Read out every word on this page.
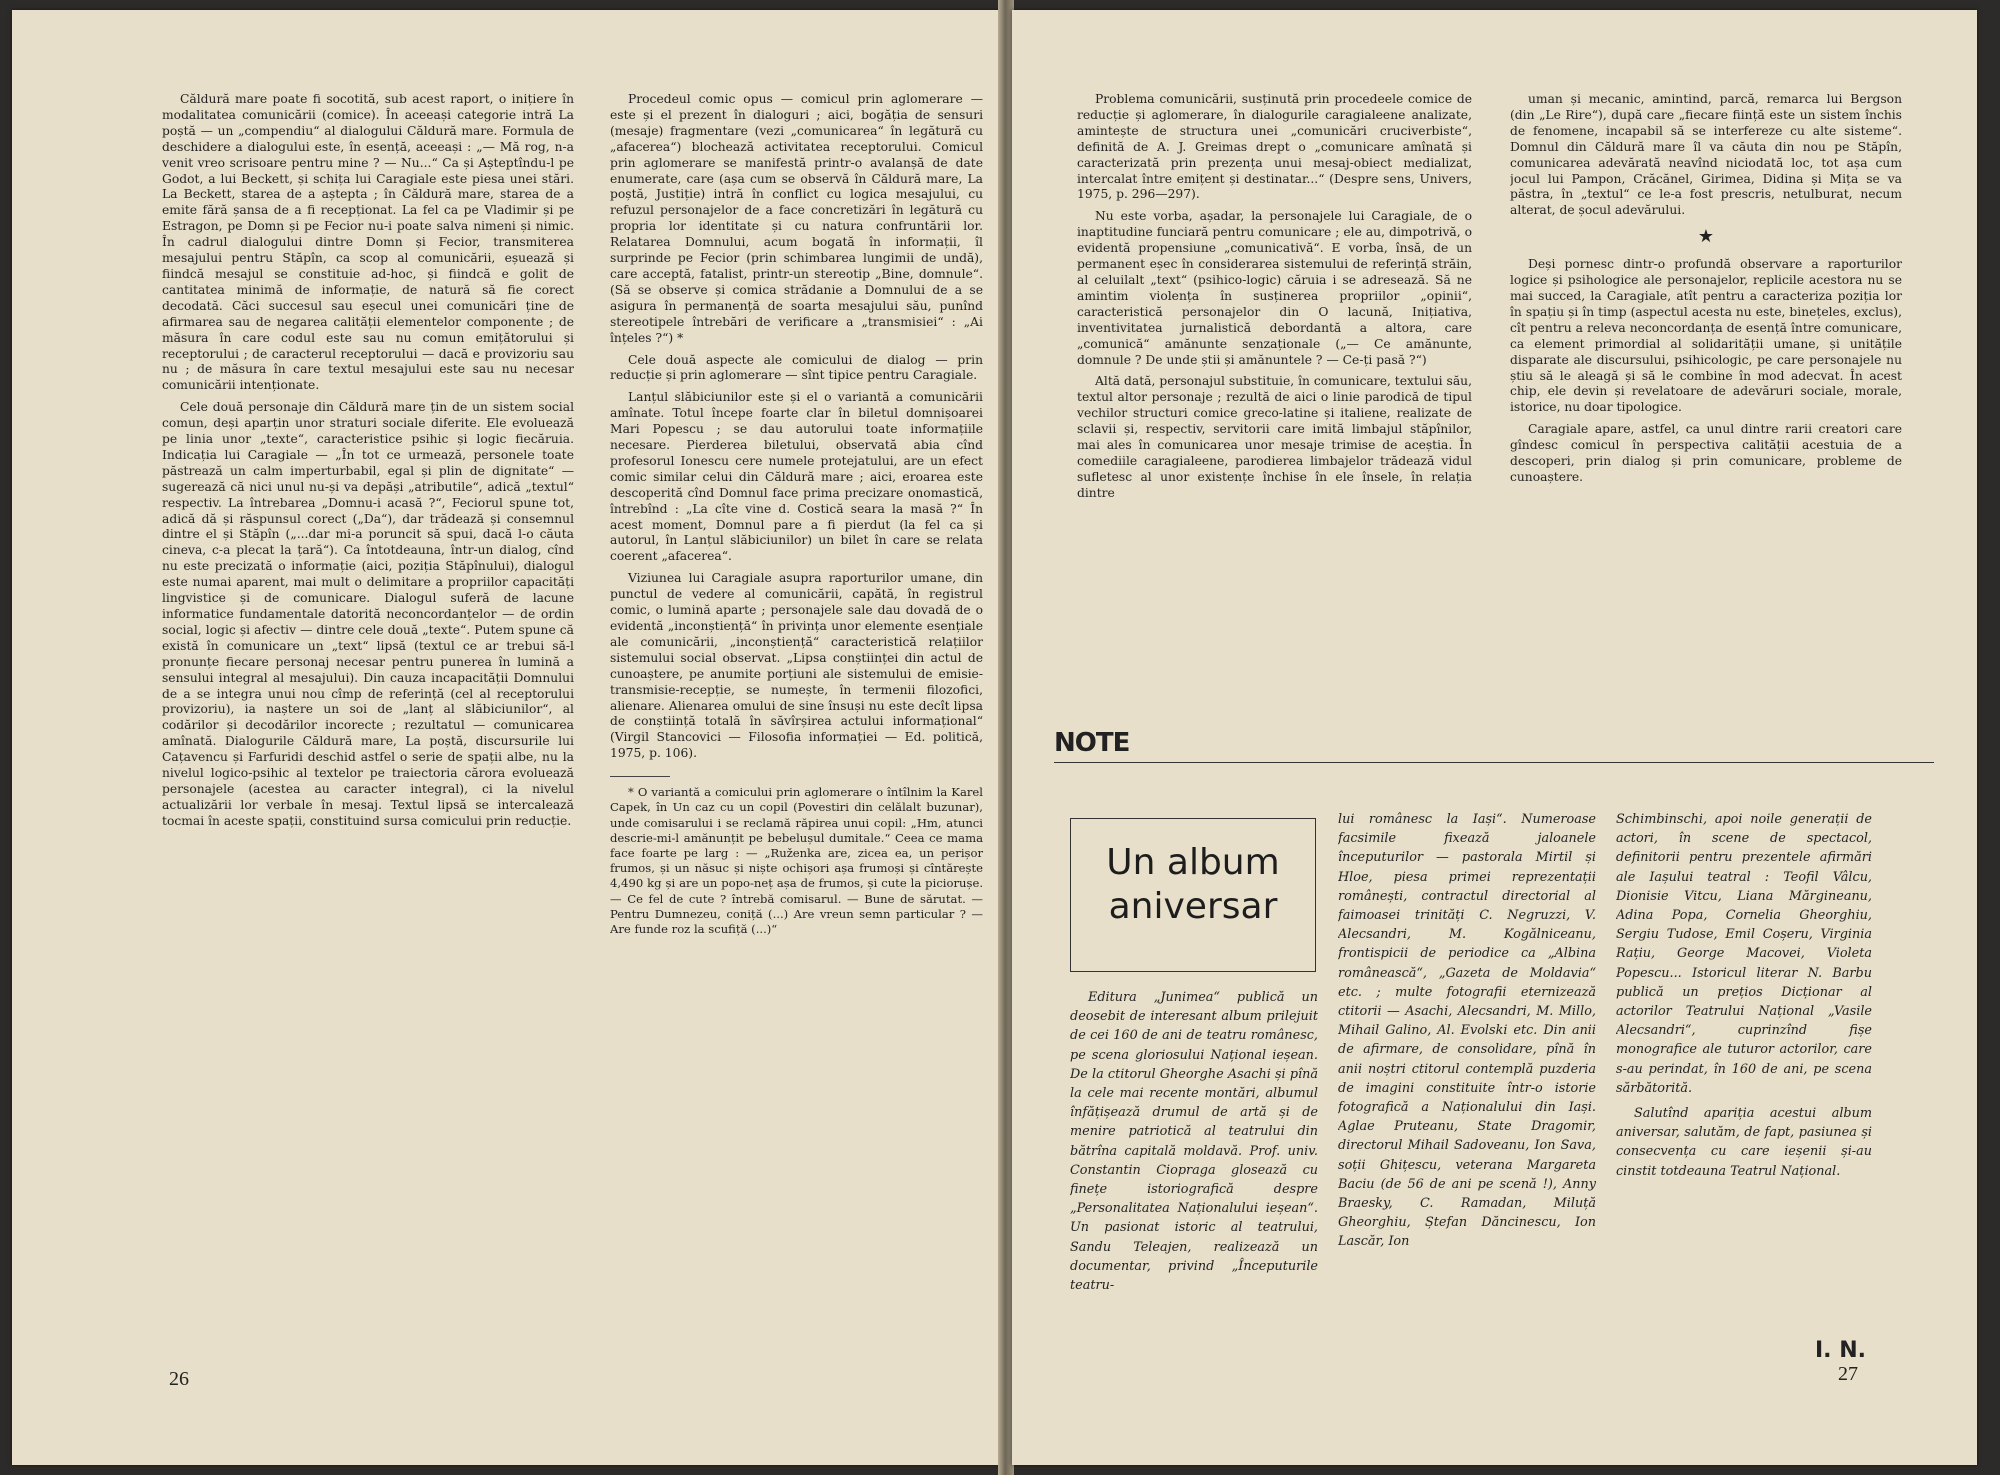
Căldură mare poate fi socotită, sub acest raport, o inițiere în modalitatea comunicării (comice). În aceeași categorie intră La poștă — un „compendiu“ al dialogului Căldură mare. Formula de deschidere a dialogului este, în esență, aceeași : „— Mă rog, n-a venit vreo scrisoare pentru mine ? — Nu...“ Ca și Așteptîndu-l pe Godot, a lui Beckett, și schița lui Caragiale este piesa unei stări. La Beckett, starea de a aștepta ; în Căldură mare, starea de a emite fără șansa de a fi recepționat. La fel ca pe Vladimir și pe Estragon, pe Domn și pe Fecior nu-i poate salva nimeni și nimic. În cadrul dialogului dintre Domn și Fecior, transmiterea mesajului pentru Stăpîn, ca scop al comunicării, eșuează și fiindcă mesajul se constituie ad-hoc, și fiindcă e golit de cantitatea minimă de informație, de natură să fie corect decodată. Căci succesul sau eșecul unei comunicări ține de afirmarea sau de negarea calității elementelor componente ; de măsura în care codul este sau nu comun emițătorului și receptorului ; de caracterul receptorului — dacă e provizoriu sau nu ; de măsura în care textul mesajului este sau nu necesar comunicării intenționate.

Cele două personaje din Căldură mare țin de un sistem social comun, deși aparțin unor straturi sociale diferite. Ele evoluează pe linia unor „texte“, caracteristice psihic și logic fiecăruia. Indicația lui Caragiale — „În tot ce urmează, personele toate păstrează un calm imperturbabil, egal și plin de dignitate“ — sugerează că nici unul nu-și va depăși „atributile“, adică „textul“ respectiv. La întrebarea „Domnu-i acasă ?“, Feciorul spune tot, adică dă și răspunsul corect („Da“), dar trădează și consemnul dintre el și Stăpîn („...dar mi-a poruncit să spui, dacă l-o căuta cineva, c-a plecat la țară“). Ca întotdeauna, într-un dialog, cînd nu este precizată o informație (aici, poziția Stăpînului), dialogul este numai aparent, mai mult o delimitare a propriilor capacități lingvistice și de comunicare. Dialogul suferă de lacune informatice fundamentale datorită neconcordanțelor — de ordin social, logic și afectiv — dintre cele două „texte“. Putem spune că există în comunicare un „text“ lipsă (textul ce ar trebui să-l pronunțe fiecare personaj necesar pentru punerea în lumină a sensului integral al mesajului). Din cauza incapacității Domnului de a se integra unui nou cîmp de referință (cel al receptorului provizoriu), ia naștere un soi de „lanț al slăbiciunilor“, al codărilor și decodărilor incorecte ; rezultatul — comunicarea amînată. Dialogurile Căldură mare, La poștă, discursurile lui Cațavencu și Farfuridi deschid astfel o serie de spații albe, nu la nivelul logico-psihic al textelor pe traiectoria cărora evoluează personajele (acestea au caracter integral), ci la nivelul actualizării lor verbale în mesaj. Textul lipsă se intercalează tocmai în aceste spații, constituind sursa comicului prin reducție.

Procedeul comic opus — comicul prin aglomerare — este și el prezent în dialoguri ; aici, bogăția de sensuri (mesaje) fragmentare (vezi „comunicarea“ în legătură cu „afacerea“) blochează activitatea receptorului. Comicul prin aglomerare se manifestă printr-o avalanșă de date enumerate, care (așa cum se observă în Căldură mare, La poștă, Justiție) intră în conflict cu logica mesajului, cu refuzul personajelor de a face concretizări în legătură cu propria lor identitate și cu natura confruntării lor. Relatarea Domnului, acum bogată în informații, îl surprinde pe Fecior (prin schimbarea lungimii de undă), care acceptă, fatalist, printr-un stereotip „Bine, domnule“. (Să se observe și comica strădanie a Domnului de a se asigura în permanență de soarta mesajului său, punînd stereotipele întrebări de verificare a „transmisiei“ : „Ai înțeles ?“) *

Cele două aspecte ale comicului de dialog — prin reducție și prin aglomerare — sînt tipice pentru Caragiale.

Lanțul slăbiciunilor este și el o variantă a comunicării amînate. Totul începe foarte clar în biletul domnișoarei Mari Popescu ; se dau autorului toate informațiile necesare. Pierderea biletului, observată abia cînd profesorul Ionescu cere numele protejatului, are un efect comic similar celui din Căldură mare ; aici, eroarea este descoperită cînd Domnul face prima precizare onomastică, întrebînd : „La cîte vine d. Costică seara la masă ?“ În acest moment, Domnul pare a fi pierdut (la fel ca și autorul, în Lanțul slăbiciunilor) un bilet în care se relata coerent „afacerea“.

Viziunea lui Caragiale asupra raporturilor umane, din punctul de vedere al comunicării, capătă, în registrul comic, o lumină aparte ; personajele sale dau dovadă de o evidentă „inconștiență“ în privința unor elemente esențiale ale comunicării, „inconștiență“ caracteristică relațiilor sistemului social observat. „Lipsa conștiinței din actul de cunoaștere, pe anumite porțiuni ale sistemului de emisie-transmisie-recepție, se numește, în termenii filozofici, alienare. Alienarea omului de sine însuși nu este decît lipsa de conștiință totală în săvîrșirea actului informațional“ (Virgil Stancovici — Filosofia informației — Ed. politică, 1975, p. 106).

* O variantă a comicului prin aglomerare o întîlnim la Karel Capek, în Un caz cu un copil (Povestiri din celălalt buzunar), unde comisarului i se reclamă răpirea unui copil: „Hm, atunci descrie-mi-l amănunțit pe bebelușul dumitale.“ Ceea ce mama face foarte pe larg : — „Ruženka are, zicea ea, un perișor frumos, și un năsuc și niște ochișori așa frumoși și cîntărește 4,490 kg și are un popo-neț așa de frumos, și cute la piciorușe. — Ce fel de cute ? întrebă comisarul. — Bune de sărutat. — Pentru Dumnezeu, coniță (...) Are vreun semn particular ? — Are funde roz la scufiță (...)“

26

Problema comunicării, susținută prin procedeele comice de reducție și aglomerare, în dialogurile caragialeene analizate, amintește de structura unei „comunicări cruciverbiste“, definită de A. J. Greimas drept o „comunicare amînată și caracterizată prin prezența unui mesaj-obiect medializat, intercalat între emițent și destinatar...“ (Despre sens, Univers, 1975, p. 296—297).

Nu este vorba, așadar, la personajele lui Caragiale, de o inaptitudine funciară pentru comunicare ; ele au, dimpotrivă, o evidentă propensiune „comunicativă“. E vorba, însă, de un permanent eșec în considerarea sistemului de referință străin, al celuilalt „text“ (psihico-logic) căruia i se adresează. Să ne amintim violența în susținerea propriilor „opinii“, caracteristică personajelor din O lacună, Inițiativa, inventivitatea jurnalistică debordantă a altora, care „comunică“ amănunte senzaționale („— Ce amănunte, domnule ? De unde știi și amănuntele ? — Ce-ți pasă ?“)

Altă dată, personajul substituie, în comunicare, textului său, textul altor personaje ; rezultă de aici o linie parodică de tipul vechilor structuri comice greco-latine și italiene, realizate de sclavii și, respectiv, servitorii care imită limbajul stăpînilor, mai ales în comunicarea unor mesaje trimise de aceștia. În comediile caragialeene, parodierea limbajelor trădează vidul sufletesc al unor existențe închise în ele însele, în relația dintre

uman și mecanic, amintind, parcă, remarca lui Bergson (din „Le Rire“), după care „fiecare ființă este un sistem închis de fenomene, incapabil să se interfereze cu alte sisteme“. Domnul din Căldură mare îl va căuta din nou pe Stăpîn, comunicarea adevărată neavînd niciodată loc, tot așa cum jocul lui Pampon, Crăcănel, Girimea, Didina și Mița se va păstra, în „textul“ ce le-a fost prescris, netulburat, necum alterat, de șocul adevărului.

★

Deși pornesc dintr-o profundă observare a raporturilor logice și psihologice ale personajelor, replicile acestora nu se mai succed, la Caragiale, atît pentru a caracteriza poziția lor în spațiu și în timp (aspectul acesta nu este, binețeles, exclus), cît pentru a releva neconcordanța de esență între comunicare, ca element primordial al solidarității umane, și unitățile disparate ale discursului, psihicologic, pe care personajele nu știu să le aleagă și să le combine în mod adecvat. În acest chip, ele devin și revelatoare de adevăruri sociale, morale, istorice, nu doar tipologice.

Caragiale apare, astfel, ca unul dintre rarii creatori care gîndesc comicul în perspectiva calității acestuia de a descoperi, prin dialog și prin comunicare, probleme de cunoaștere.

NOTE
Un album
aniversar

Editura „Junimea“ publică un deosebit de interesant album prilejuit de cei 160 de ani de teatru românesc, pe scena gloriosului Național ieșean. De la ctitorul Gheorghe Asachi și pînă la cele mai recente montări, albumul înfățișează drumul de artă și de menire patriotică al teatrului din bătrîna capitală moldavă. Prof. univ. Constantin Ciopraga glosează cu finețe istoriografică despre „Personalitatea Naționalului ieșean“. Un pasionat istoric al teatrului, Sandu Teleajen, realizează un documentar, privind „Începuturile teatru-

lui românesc la Iași“. Numeroase facsimile fixează jaloanele începuturilor — pastorala Mirtil și Hloe, piesa primei reprezentații românești, contractul directorial al faimoasei trinități C. Negruzzi, V. Alecsandri, M. Kogălniceanu, frontispicii de periodice ca „Albina românească“, „Gazeta de Moldavia“ etc. ; multe fotografii eternizează ctitorii — Asachi, Alecsandri, M. Millo, Mihail Galino, Al. Evolski etc. Din anii de afirmare, de consolidare, pînă în anii noștri ctitorul contemplă puzderia de imagini constituite într-o istorie fotografică a Naționalului din Iași. Aglae Pruteanu, State Dragomir, directorul Mihail Sadoveanu, Ion Sava, soții Ghițescu, veterana Margareta Baciu (de 56 de ani pe scenă !), Anny Braesky, C. Ramadan, Miluță Gheorghiu, Ștefan Dăncinescu, Ion Lascăr, Ion

Schimbinschi, apoi noile generații de actori, în scene de spectacol, definitorii pentru prezentele afirmări ale Iașului teatral : Teofil Vâlcu, Dionisie Vitcu, Liana Mărgineanu, Adina Popa, Cornelia Gheorghiu, Sergiu Tudose, Emil Coșeru, Virginia Rațiu, George Macovei, Violeta Popescu... Istoricul literar N. Barbu publică un prețios Dicționar al actorilor Teatrului Național „Vasile Alecsandri“, cuprinzînd fișe monografice ale tuturor actorilor, care s-au perindat, în 160 de ani, pe scena sărbătorită.

Salutînd apariția acestui album aniversar, salutăm, de fapt, pasiunea și consecvența cu care ieșenii și-au cinstit totdeauna Teatrul Național.

I. N.
27
